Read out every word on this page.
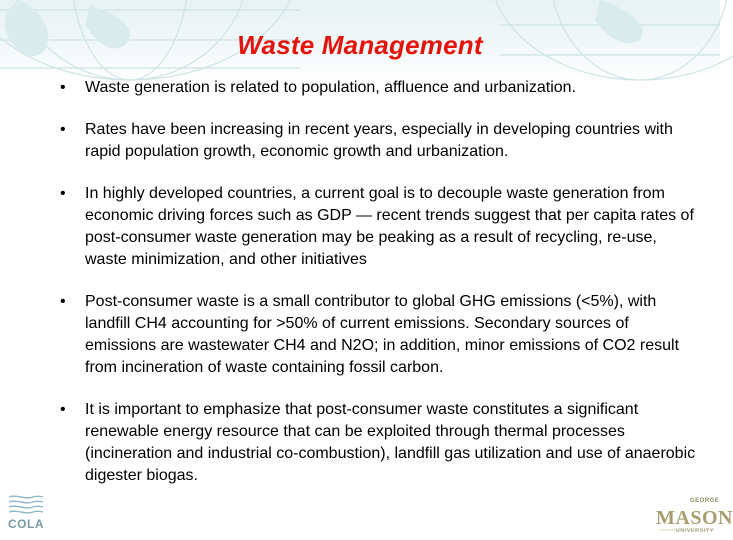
Waste Management
• Waste generation is related to population, affluence and urbanization.
• Rates have been increasing in recent years, especially in developing countries with rapid population growth, economic growth and urbanization.
• In highly developed countries, a current goal is to decouple waste generation from economic driving forces such as GDP — recent trends suggest that per capita rates of post-consumer waste generation may be peaking as a result of recycling, re-use, waste minimization, and other initiatives
• Post-consumer waste is a small contributor to global GHG emissions (<5%), with landfill CH4 accounting for >50% of current emissions. Secondary sources of emissions are wastewater CH4 and N2O; in addition, minor emissions of CO2 result from incineration of waste containing fossil carbon.
• It is important to emphasize that post-consumer waste constitutes a significant renewable energy resource that can be exploited through thermal processes (incineration and industrial co-combustion), landfill gas utilization and use of anaerobic digester biogas.
COLA
GEORGE
MASON
UNIVERSITY
